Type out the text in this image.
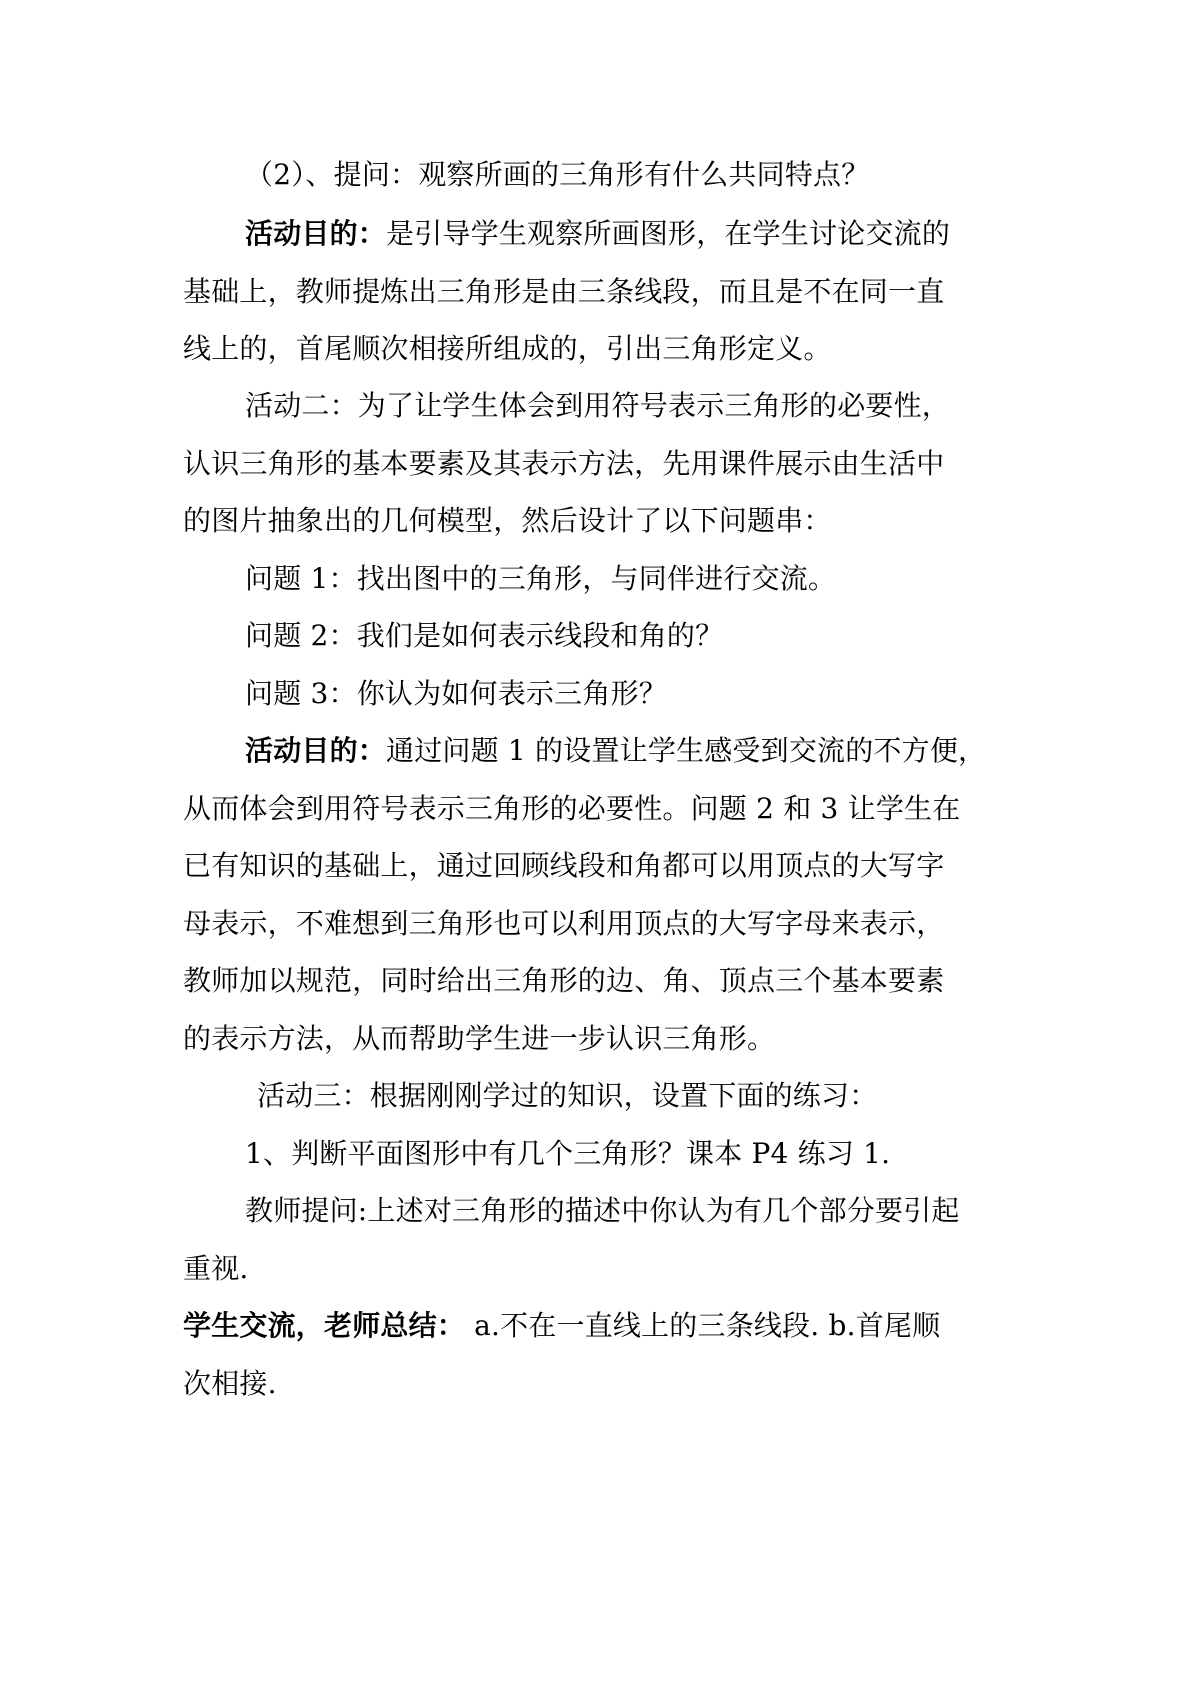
（2）、提问：观察所画的三角形有什么共同特点？
活动目的：是引导学生观察所画图形，在学生讨论交流的
基础上，教师提炼出三角形是由三条线段，而且是不在同一直
线上的，首尾顺次相接所组成的，引出三角形定义。
活动二：为了让学生体会到用符号表示三角形的必要性，
认识三角形的基本要素及其表示方法，先用课件展示由生活中
的图片抽象出的几何模型，然后设计了以下问题串：
问题 1：找出图中的三角形，与同伴进行交流。
问题 2：我们是如何表示线段和角的？
问题 3：你认为如何表示三角形？
活动目的：通过问题 1 的设置让学生感受到交流的不方便，
从而体会到用符号表示三角形的必要性。问题 2 和 3 让学生在
已有知识的基础上，通过回顾线段和角都可以用顶点的大写字
母表示，不难想到三角形也可以利用顶点的大写字母来表示，
教师加以规范，同时给出三角形的边、角、顶点三个基本要素
的表示方法，从而帮助学生进一步认识三角形。
活动三：根据刚刚学过的知识，设置下面的练习：
1、判断平面图形中有几个三角形？课本 P4 练习 1.
教师提问:上述对三角形的描述中你认为有几个部分要引起
重视.
学生交流，老师总结： a.不在一直线上的三条线段. b.首尾顺
次相接.
